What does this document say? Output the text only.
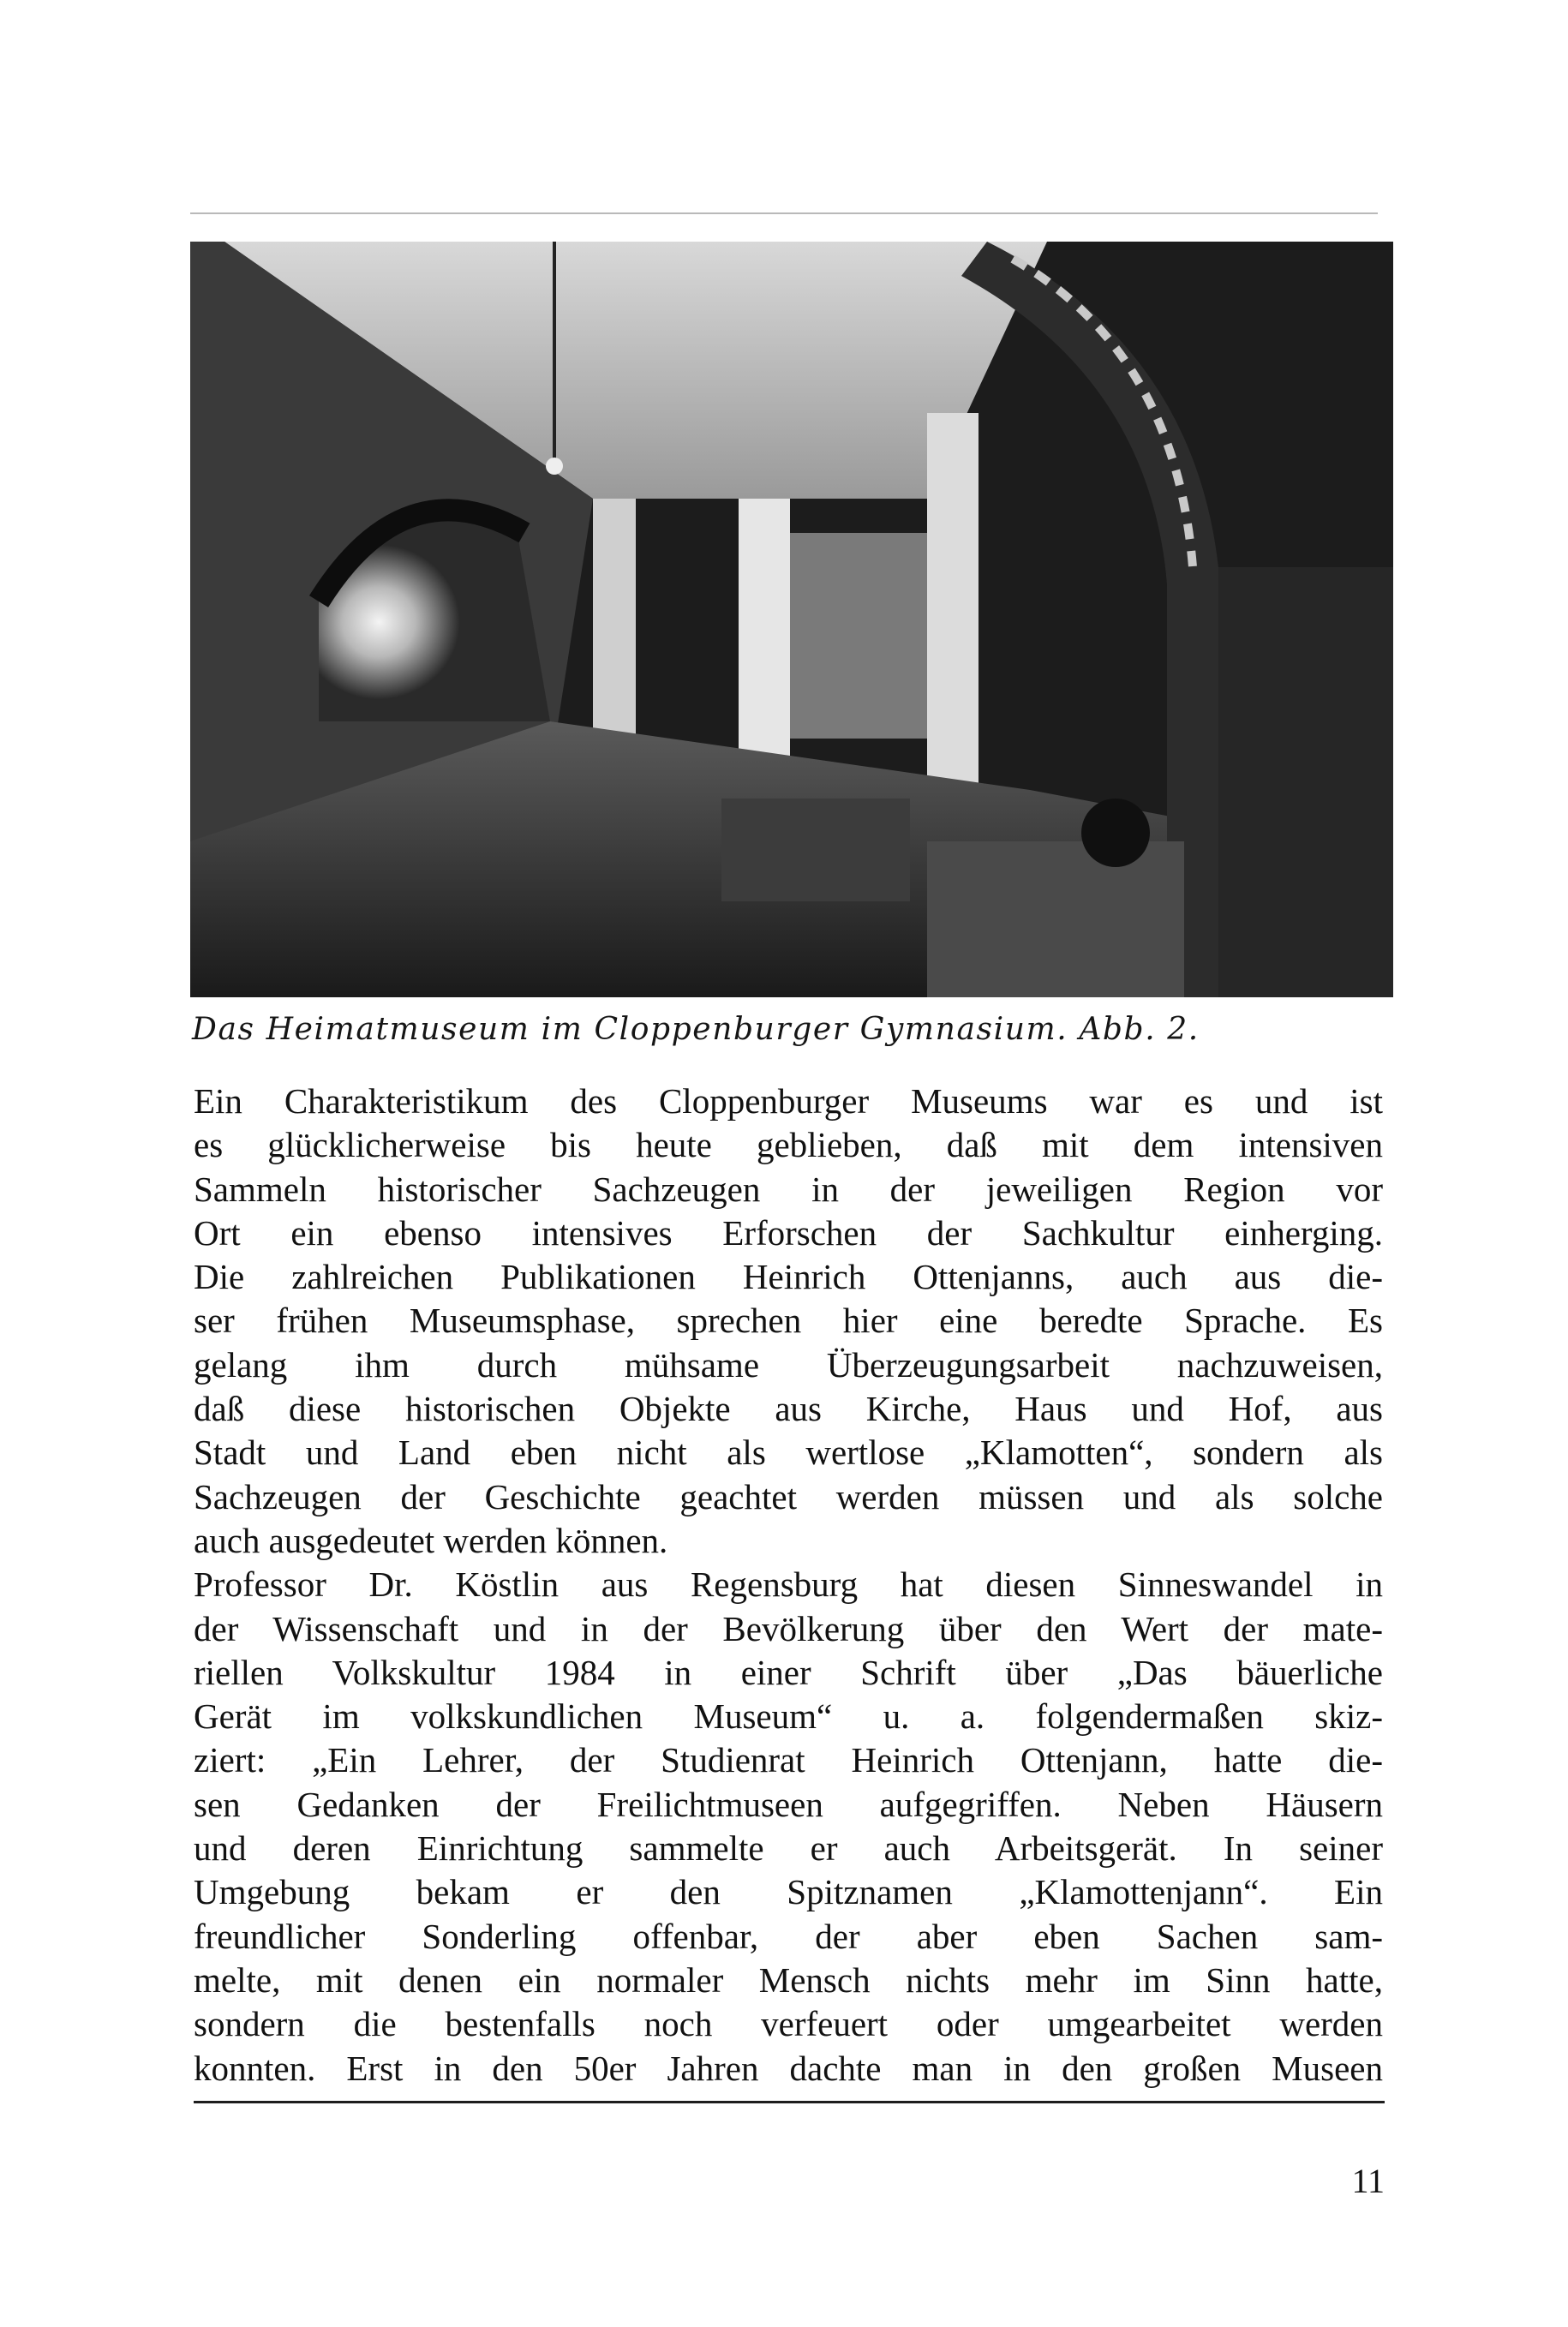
Das Heimatmuseum im Cloppenburger Gymnasium. Abb. 2.
Ein Charakteristikum des Cloppenburger Museums war es und ist
es glücklicherweise bis heute geblieben, daß mit dem intensiven
Sammeln historischer Sachzeugen in der jeweiligen Region vor
Ort ein ebenso intensives Erforschen der Sachkultur einherging.
Die zahlreichen Publikationen Heinrich Ottenjanns, auch aus die-
ser frühen Museumsphase, sprechen hier eine beredte Sprache. Es
gelang ihm durch mühsame Überzeugungsarbeit nachzuweisen,
daß diese historischen Objekte aus Kirche, Haus und Hof, aus
Stadt und Land eben nicht als wertlose „Klamotten“, sondern als
Sachzeugen der Geschichte geachtet werden müssen und als solche
auch ausgedeutet werden können.
Professor Dr. Köstlin aus Regensburg hat diesen Sinneswandel in
der Wissenschaft und in der Bevölkerung über den Wert der mate-
riellen Volkskultur 1984 in einer Schrift über „Das bäuerliche
Gerät im volkskundlichen Museum“ u. a. folgendermaßen skiz-
ziert: „Ein Lehrer, der Studienrat Heinrich Ottenjann, hatte die-
sen Gedanken der Freilichtmuseen aufgegriffen. Neben Häusern
und deren Einrichtung sammelte er auch Arbeitsgerät. In seiner
Umgebung bekam er den Spitznamen „Klamottenjann“. Ein
freundlicher Sonderling offenbar, der aber eben Sachen sam-
melte, mit denen ein normaler Mensch nichts mehr im Sinn hatte,
sondern die bestenfalls noch verfeuert oder umgearbeitet werden
konnten. Erst in den 50er Jahren dachte man in den großen Museen
11
